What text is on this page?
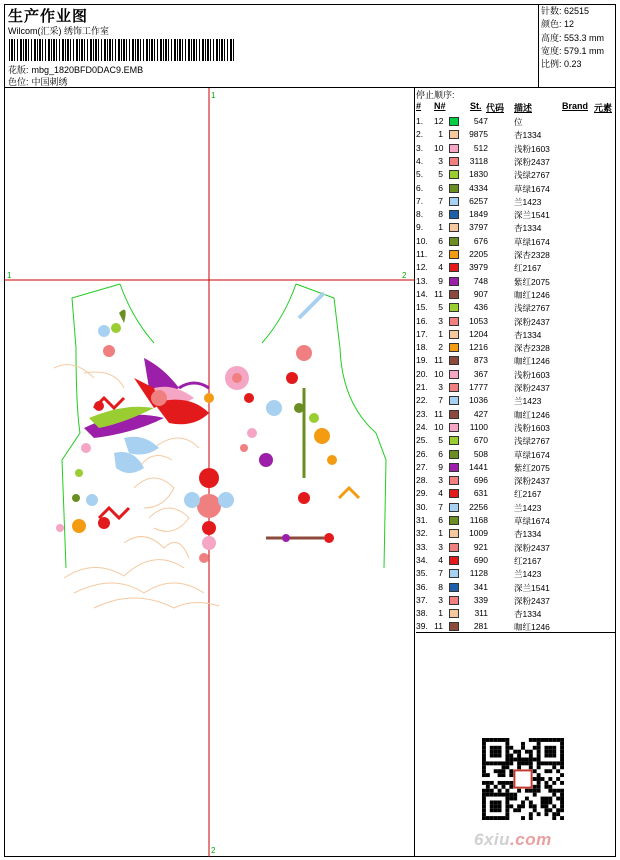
生产作业图
Wilcom(汇采) 绣饰工作室
花版: mbg_1820BFD0DAC9.EMB
色位: 中国刺绣
针数: 62515
颜色: 12
高度: 553.3 mm
宽度: 579.1 mm
比例: 0.23
1
1
2
2
停止顺序:
# N#	St. 代码 描述	Brand 元素
1. 12	547	位
2.	1	9875	杏1334
3. 10	512	浅粉1603
4.	3	3118	深粉2437
5.	5	1830	浅绿2767
6.	6	4334	草绿1674
7.	7	6257	兰1423
8.	8	1849	深兰1541
9.	1	3797	杏1334
10.	6	676	草绿1674
11.	2	2205	深杏2328
12.	4	3979	红2167
13.	9	748	紫红2075
14. 11	907	咖红1246
15.	5	436	浅绿2767
16.	3	1053	深粉2437
17.	1	1204	杏1334
18.	2	1216	深杏2328
19. 11	873	咖红1246
20. 10	367	浅粉1603
21.	3	1777	深粉2437
22.	7	1036	兰1423
23. 11	427	咖红1246
24. 10	1100	浅粉1603
25.	5	670	浅绿2767
26.	6	508	草绿1674
27.	9	1441	紫红2075
28.	3	696	深粉2437
29.	4	631	红2167
30.	7	2256	兰1423
31.	6	1168	草绿1674
32.	1	1009	杏1334
33.	3	921	深粉2437
34.	4	690	红2167
35.	7	1128	兰1423
36.	8	341	深兰1541
37.	3	339	深粉2437
38.	1	311	杏1334
39. 11	281	咖红1246
6xiu.com
